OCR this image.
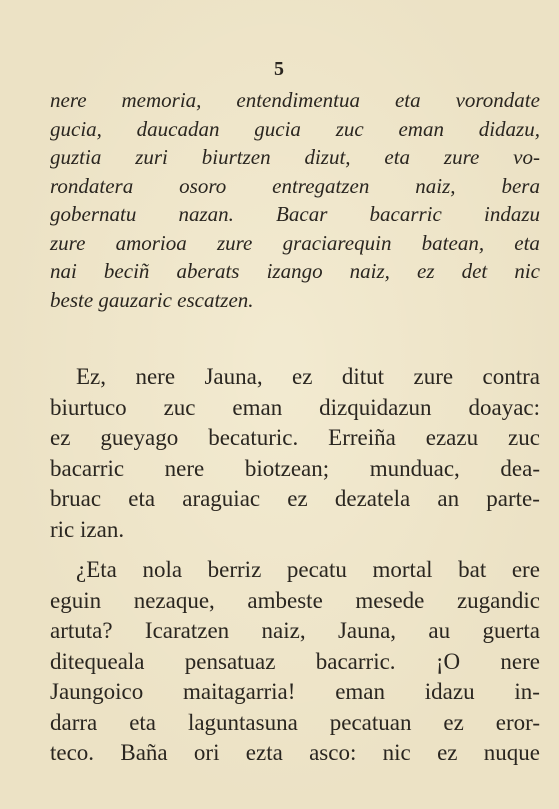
5
nere memoria, entendimentua eta vorondate
gucia, daucadan gucia zuc eman didazu,
guztia zuri biurtzen dizut, eta zure vo-
rondatera osoro entregatzen naiz, bera
gobernatu nazan. Bacar bacarric indazu
zure amorioa zure graciarequin batean, eta
nai beciñ aberats izango naiz, ez det nic
beste gauzaric escatzen.
Ez, nere Jauna, ez ditut zure contra
biurtuco zuc eman dizquidazun doayac:
ez gueyago becaturic. Erreiña ezazu zuc
bacarric nere biotzean; munduac, dea-
bruac eta araguiac ez dezatela an parte-
ric izan.
¿Eta nola berriz pecatu mortal bat ere
eguin nezaque, ambeste mesede zugandic
artuta? Icaratzen naiz, Jauna, au guerta
ditequeala pensatuaz bacarric. ¡O nere
Jaungoico maitagarria! eman idazu in-
darra eta laguntasuna pecatuan ez eror-
teco. Baña ori ezta asco: nic ez nuque
